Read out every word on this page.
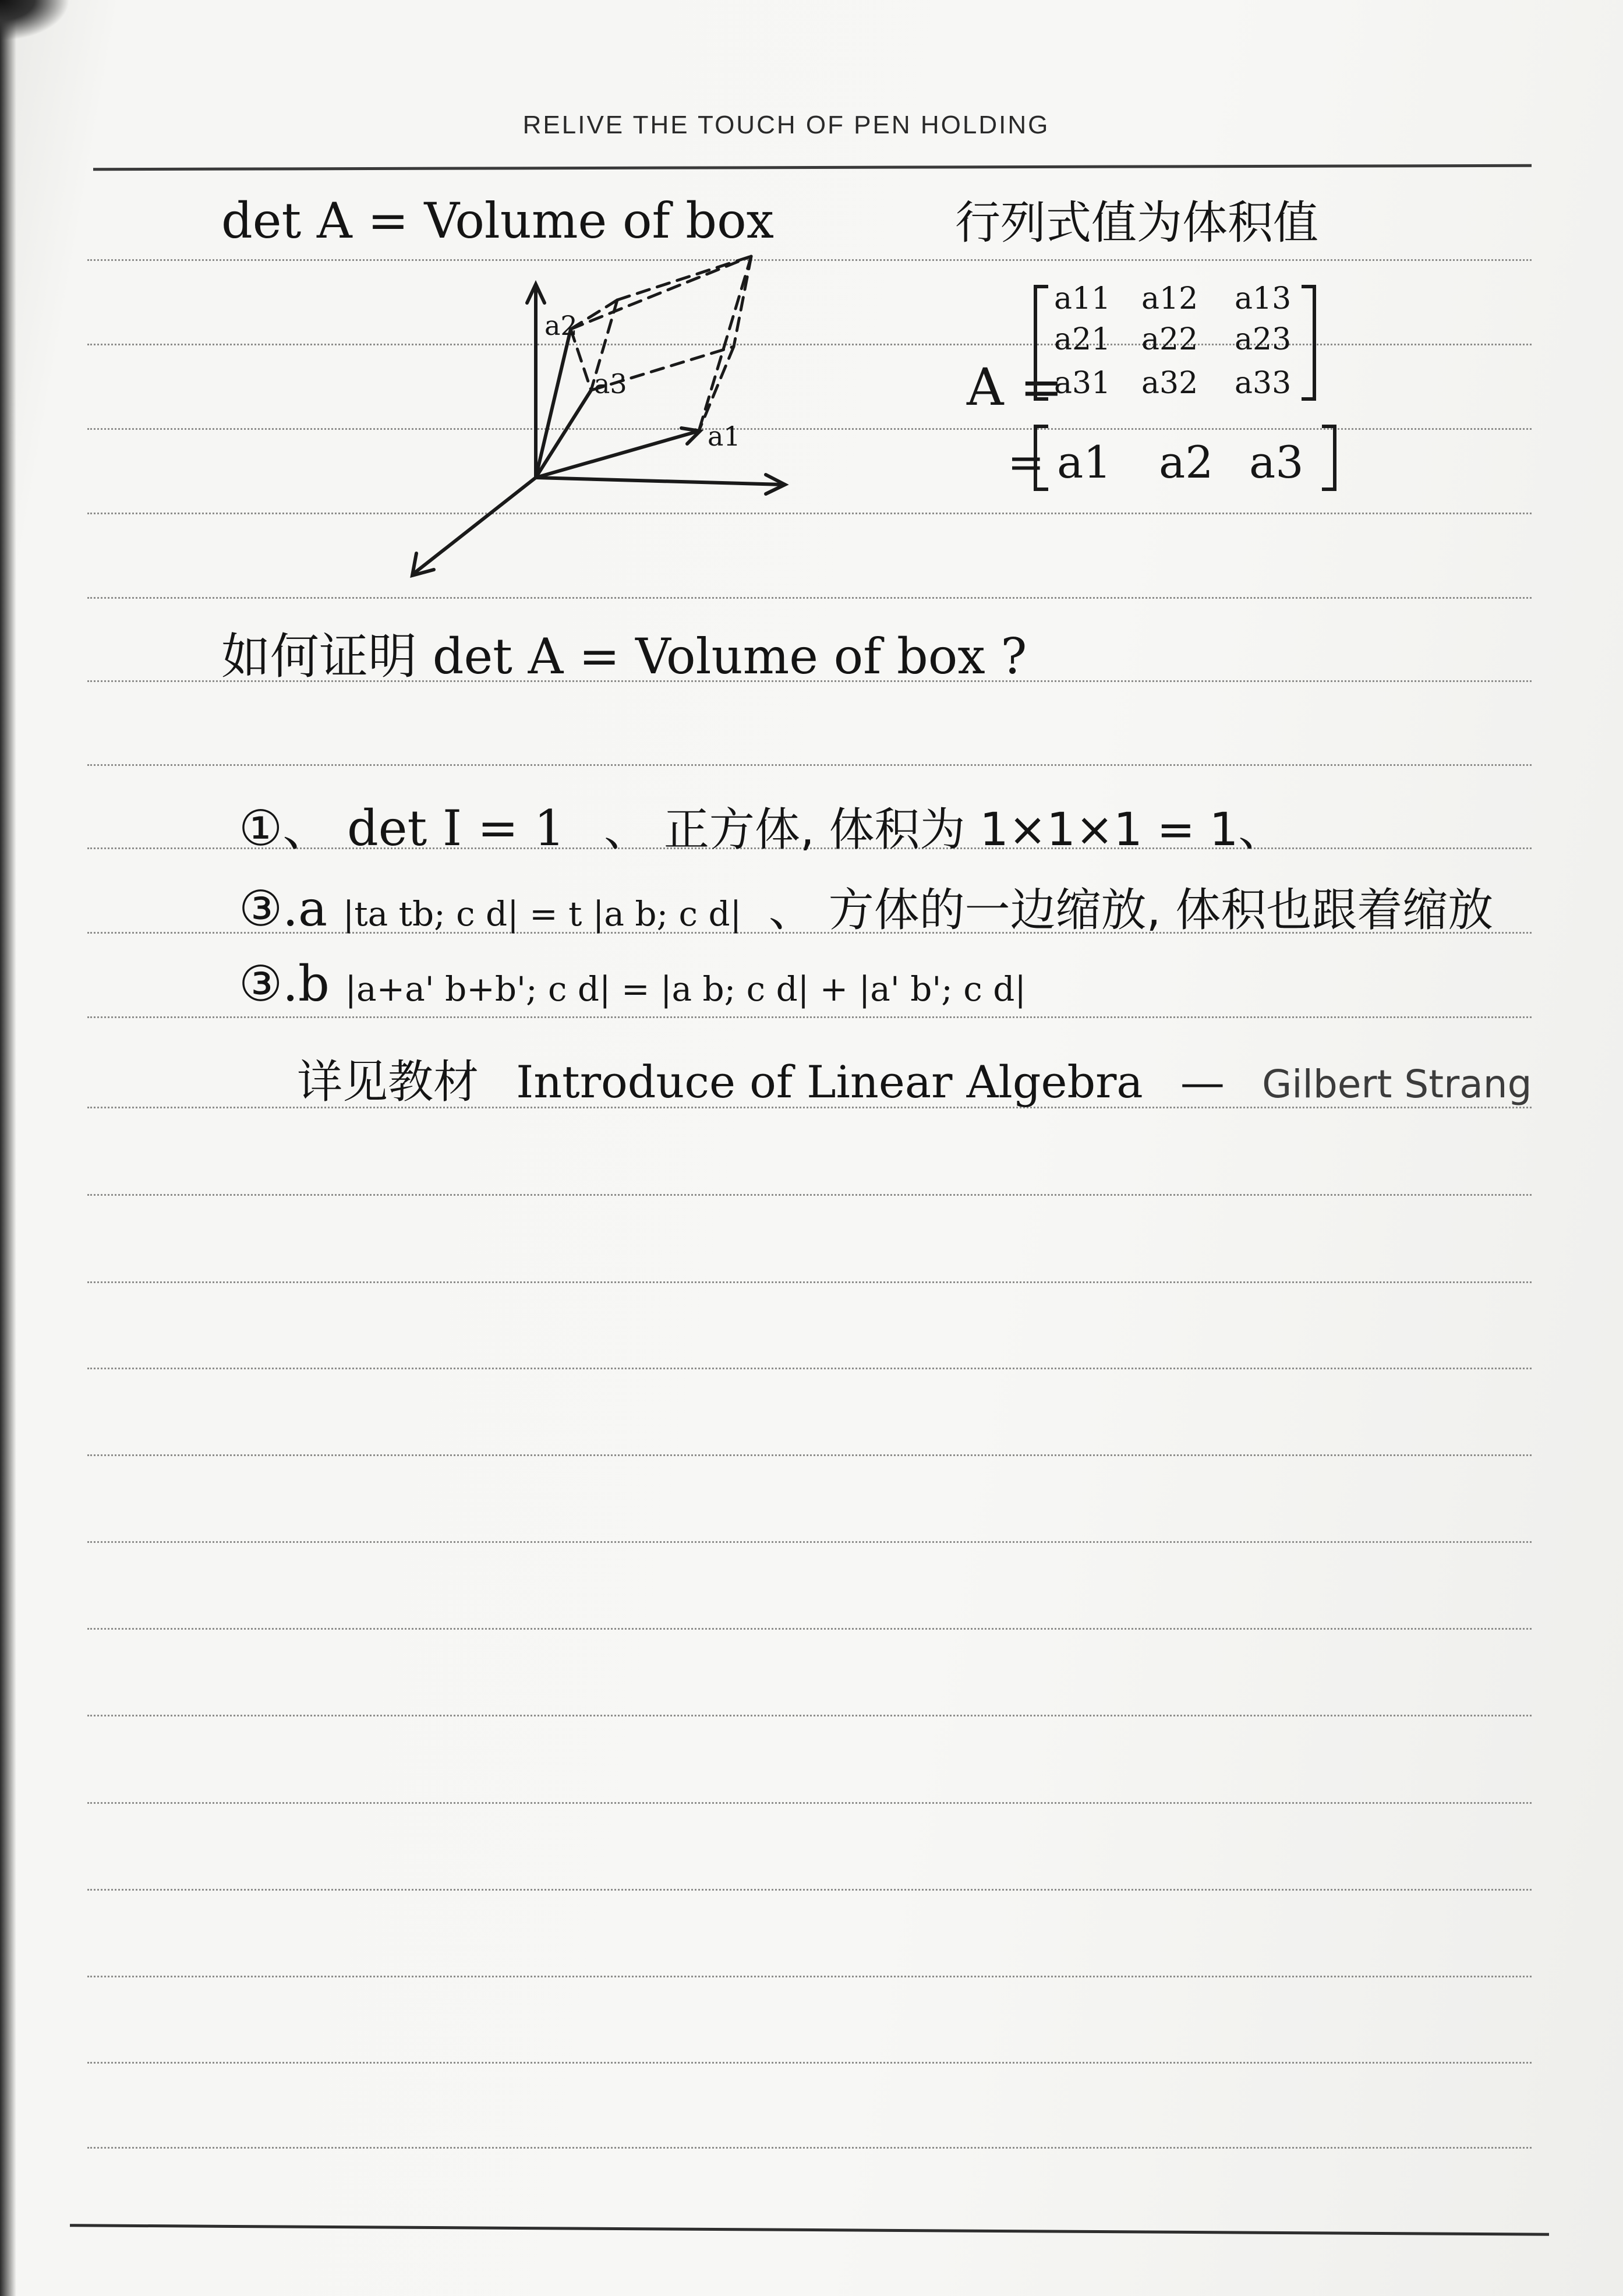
RELIVE THE TOUCH OF PEN HOLDING
det A = Volume of box	行列式值为体积值
a2
a3
a1
A =
a11 a12 a13
a21 a22 a23
a31 a32 a33
= a1 a2 a3
如何证明 det A = Volume of box ?
①、 det I = 1 、 正方体, 体积为 1×1×1 = 1、
③.a |ta tb; c d| = t |a b; c d| 、 方体的一边缩放, 体积也跟着缩放
③.b |a+a' b+b'; c d| = |a b; c d| + |a' b'; c d|
详见教材 Introduce of Linear Algebra — Gilbert Strang
